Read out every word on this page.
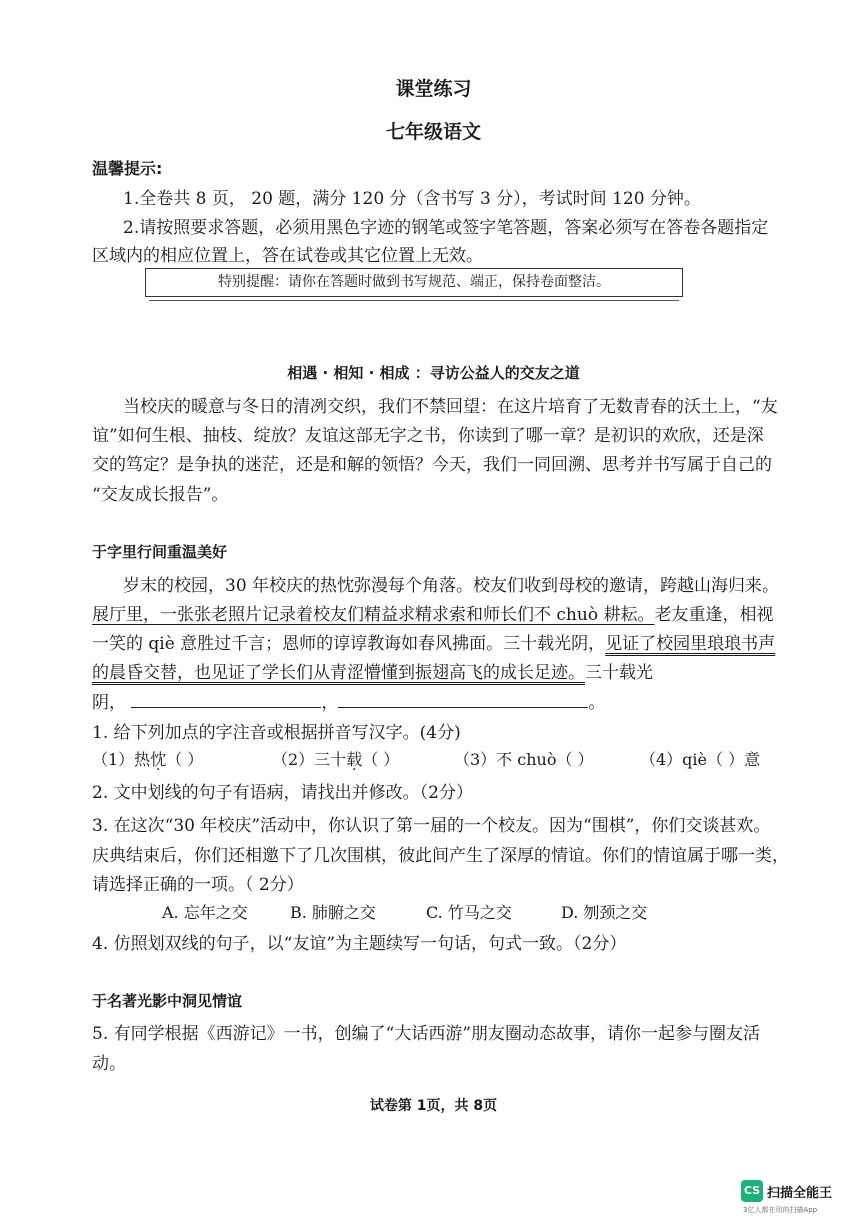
课堂练习
七年级语文
温馨提示:
1.全卷共 8 页， 20 题，满分 120 分（含书写 3 分），考试时间 120 分钟。
2.请按照要求答题，必须用黑色字迹的钢笔或签字笔答题，答案必须写在答卷各题指定
区域内的相应位置上，答在试卷或其它位置上无效。
特别提醒：请你在答题时做到书写规范、端正，保持卷面整洁。
相遇 · 相知 · 相成 ：寻访公益人的交友之道
当校庆的暖意与冬日的清冽交织，我们不禁回望：在这片培育了无数青春的沃土上，“友
谊”如何生根、抽枝、绽放？友谊这部无字之书，你读到了哪一章？是初识的欢欣，还是深
交的笃定？是争执的迷茫，还是和解的领悟？今天，我们一同回溯、思考并书写属于自己的
“交友成长报告”。
于字里行间重温美好
岁末的校园，30 年校庆的热忱弥漫每个角落。校友们收到母校的邀请，跨越山海归来。
展厅里，一张张老照片记录着校友们精益求精求索和师长们不 chuò 耕耘。老友重逢，相视
一笑的 qiè 意胜过千言；恩师的谆谆教诲如春风拂面。三十载光阴，见证了校园里琅琅书声
的晨昏交替，也见证了学长们从青涩懵懂到振翅高飞的成长足迹。三十载光
阴，	，	。
1. 给下列加点的字注音或根据拼音写汉字。(4分)
（1）热忱（ ）	（2）三十载（ ）	（3）不 chuò（ ）	（4）qiè（ ）意
2. 文中划线的句子有语病，请找出并修改。（2分）
3. 在这次“30 年校庆”活动中，你认识了第一届的一个校友。因为“围棋”，你们交谈甚欢。
庆典结束后，你们还相邀下了几次围棋，彼此间产生了深厚的情谊。你们的情谊属于哪一类，
请选择正确的一项。（ 2分）
A. 忘年之交	B. 肺腑之交	C. 竹马之交	D. 刎颈之交
4. 仿照划双线的句子，以“友谊”为主题续写一句话，句式一致。（2分）
于名著光影中洞见情谊
5. 有同学根据《西游记》一书，创编了“大话西游”朋友圈动态故事，请你一起参与圈友活
动。
试卷第 1页，共 8页
CS 扫描全能王
3亿人都在用的扫描App
